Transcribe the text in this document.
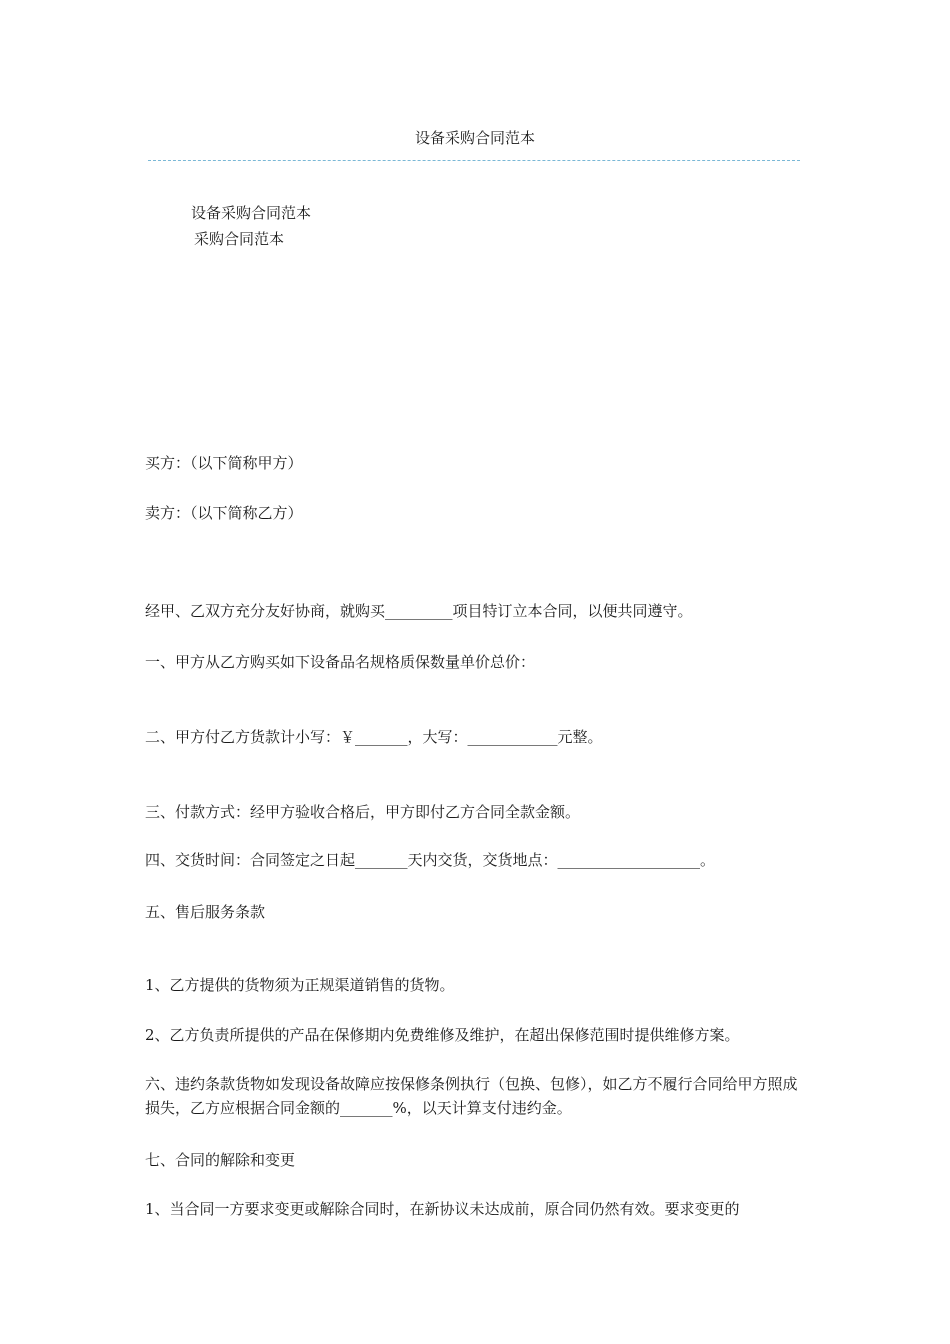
设备采购合同范本
设备采购合同范本
采购合同范本
买方：（以下简称甲方）
卖方：（以下简称乙方）
经甲、乙双方充分友好协商，就购买_________项目特订立本合同，以便共同遵守。
一、甲方从乙方购买如下设备品名规格质保数量单价总价：
二、甲方付乙方货款计小写：￥_______，大写：____________元整。
三、付款方式：经甲方验收合格后，甲方即付乙方合同全款金额。
四、交货时间：合同签定之日起_______天内交货，交货地点：___________________。
五、售后服务条款
1、乙方提供的货物须为正规渠道销售的货物。
2、乙方负责所提供的产品在保修期内免费维修及维护，在超出保修范围时提供维修方案。
六、违约条款货物如发现设备故障应按保修条例执行（包换、包修），如乙方不履行合同给甲方照成损失，乙方应根据合同金额的_______%，以天计算支付违约金。
七、合同的解除和变更
1、当合同一方要求变更或解除合同时，在新协议未达成前，原合同仍然有效。要求变更的
